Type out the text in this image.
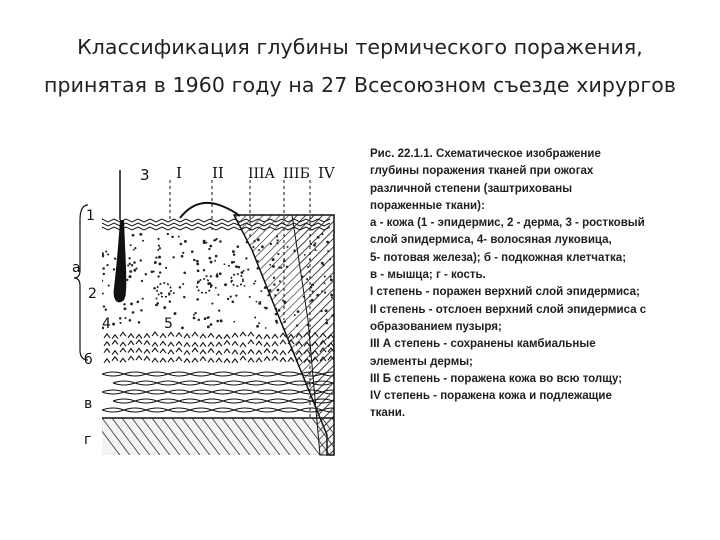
Классификация глубины термического поражения,
принятая в 1960 году на 27 Всесоюзном съезде хирургов
I II IIIA IIIБ IV
3
1
2
4	5
а
б
в
г
Рис. 22.1.1. Схематическое изображение
глубины поражения тканей при ожогах
различной степени (заштрихованы
пораженные ткани):
а - кожа (1 - эпидермис, 2 - дерма, 3 - ростковый
слой эпидермиса, 4- волосяная луковица,
5- потовая железа); б - подкожная клетчатка;
в - мышца; г - кость.
I степень - поражен верхний слой эпидермиса;
II степень - отслоен верхний слой эпидермиса с
образованием пузыря;
III А степень - сохранены камбиальные
элементы дермы;
III Б степень - поражена кожа во всю толщу;
IV степень - поражена кожа и подлежащие
ткани.
